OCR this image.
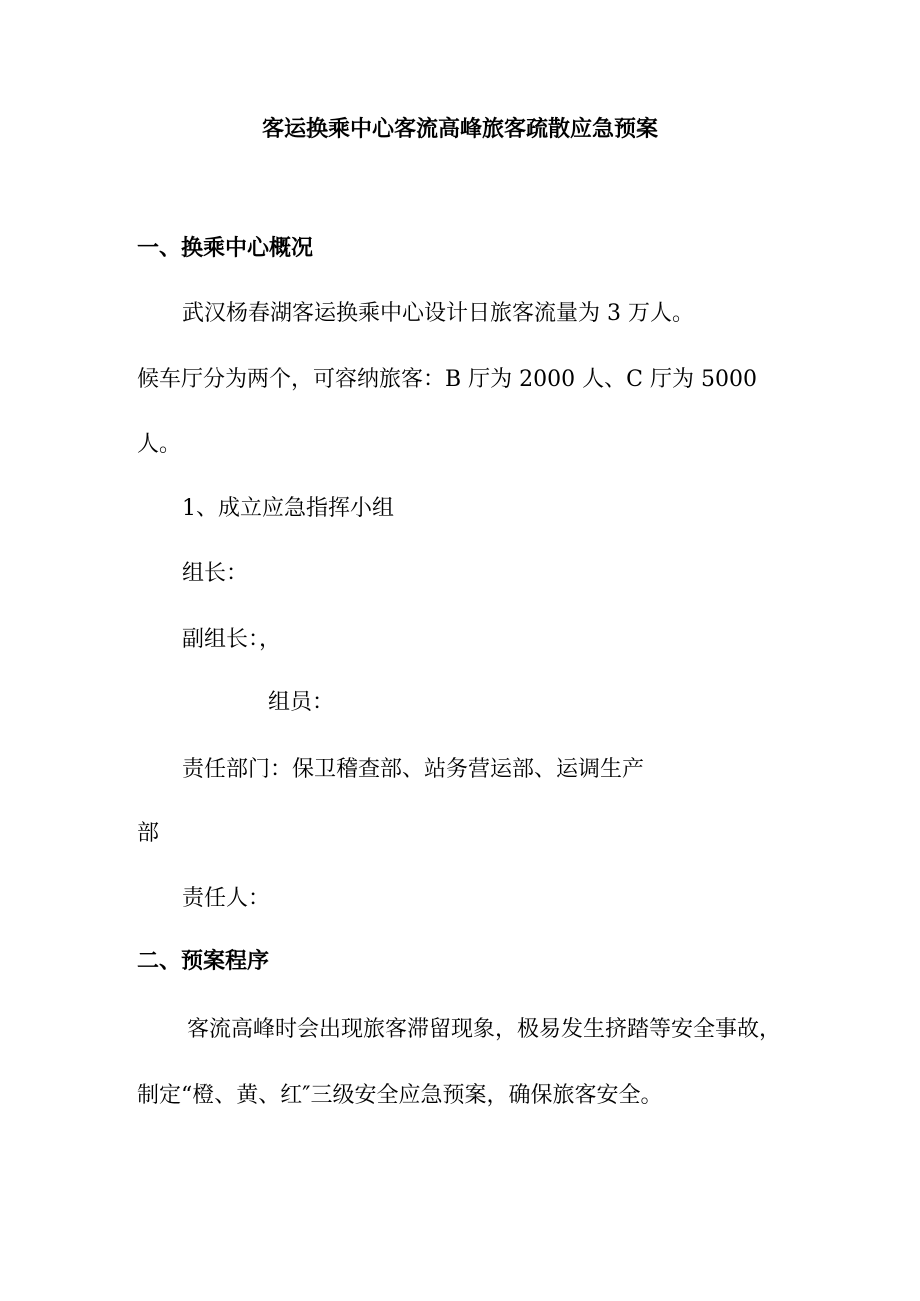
客运换乘中心客流高峰旅客疏散应急预案
一、换乘中心概况
武汉杨春湖客运换乘中心设计日旅客流量为 3 万人。
候车厅分为两个，可容纳旅客：B 厅为 2000 人、C 厅为 5000
人。
1、成立应急指挥小组
组长：
副组长：，
组员：
责任部门：保卫稽查部、站务营运部、运调生产
部
责任人：
二、预案程序
客流高峰时会出现旅客滞留现象，极易发生挤踏等安全事故，
制定“橙、黄、红″三级安全应急预案，确保旅客安全。
